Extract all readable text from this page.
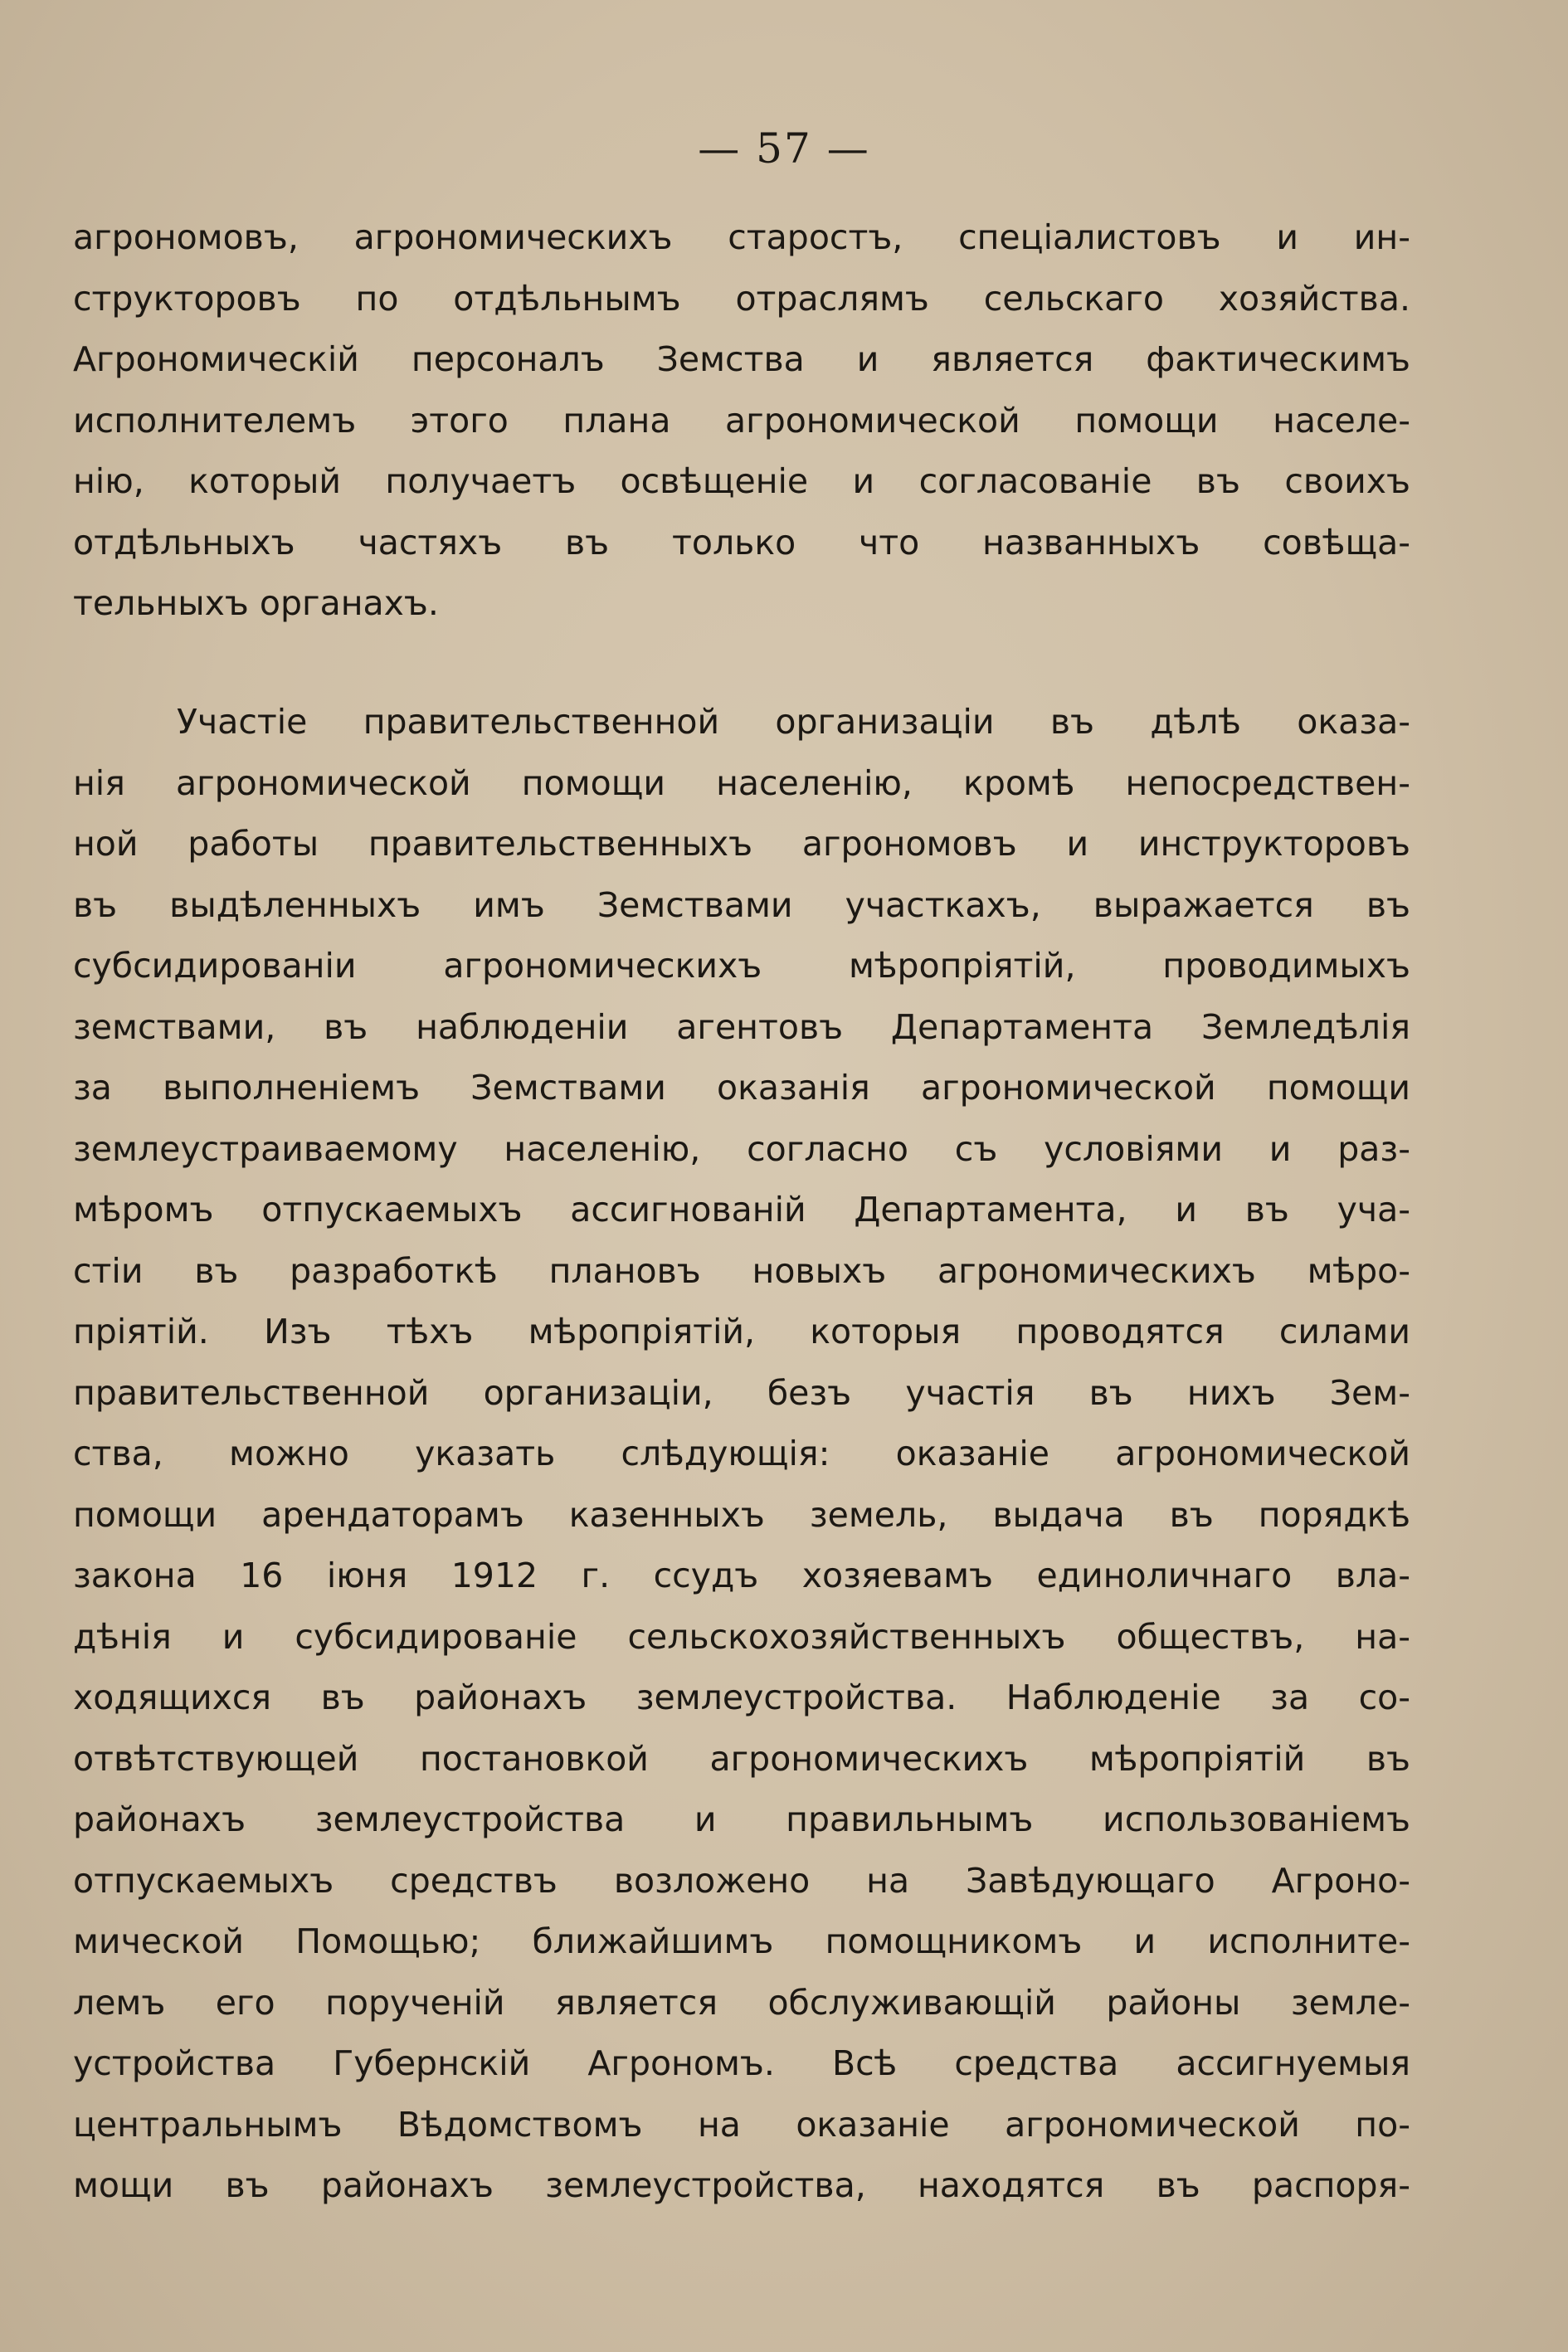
— 57 —
агрономовъ, агрономическихъ старостъ, спеціалистовъ и ин-
структоровъ по отдѣльнымъ отраслямъ сельскаго хозяйства.
Агрономическій персоналъ Земства и является фактическимъ
исполнителемъ этого плана агрономической помощи населе-
нію, который получаетъ освѣщеніе и согласованіе въ своихъ
отдѣльныхъ частяхъ въ только что названныхъ совѣща-
тельныхъ органахъ.
Участіе правительственной организаціи въ дѣлѣ оказа-
нія агрономической помощи населенію, кромѣ непосредствен-
ной работы правительственныхъ агрономовъ и инструкторовъ
въ выдѣленныхъ имъ Земствами участкахъ, выражается въ
субсидированіи агрономическихъ мѣропріятій, проводимыхъ
земствами, въ наблюденіи агентовъ Департамента Земледѣлія
за выполненіемъ Земствами оказанія агрономической помощи
землеустраиваемому населенію, согласно съ условіями и раз-
мѣромъ отпускаемыхъ ассигнованій Департамента, и въ уча-
стіи въ разработкѣ плановъ новыхъ агрономическихъ мѣро-
пріятій. Изъ тѣхъ мѣропріятій, которыя проводятся силами
правительственной организаціи, безъ участія въ нихъ Зем-
ства, можно указать слѣдующія: оказаніе агрономической
помощи арендаторамъ казенныхъ земель, выдача въ порядкѣ
закона 16 іюня 1912 г. ссудъ хозяевамъ единоличнаго вла-
дѣнія и субсидированіе сельскохозяйственныхъ обществъ, на-
ходящихся въ районахъ землеустройства. Наблюденіе за со-
отвѣтствующей постановкой агрономическихъ мѣропріятій въ
районахъ землеустройства и правильнымъ использованіемъ
отпускаемыхъ средствъ возложено на Завѣдующаго Агроно-
мической Помощью; ближайшимъ помощникомъ и исполните-
лемъ его порученій является обслуживающій районы земле-
устройства Губернскій Агрономъ. Всѣ средства ассигнуемыя
центральнымъ Вѣдомствомъ на оказаніе агрономической по-
мощи въ районахъ землеустройства, находятся въ распоря-
